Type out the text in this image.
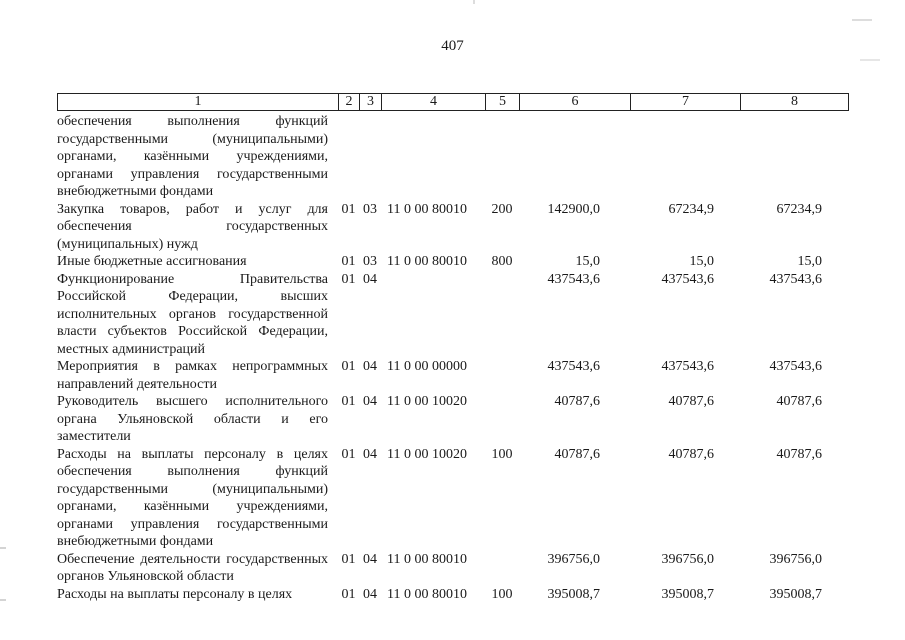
407
1	2	3	4	5	6	7	8
обеспечения выполнения функций государственными (муниципальными) органами, казёнными учреждениями, органами управления государственными внебюджетными фондами							
Закупка товаров, работ и услуг для обеспечения государственных (муниципальных) нужд	01	03	11 0 00 80010	200	142900,0	67234,9	67234,9
Иные бюджетные ассигнования	01	03	11 0 00 80010	800	15,0	15,0	15,0
Функционирование Правительства Российской Федерации, высших исполнительных органов государственной власти субъектов Российской Федерации, местных администраций	01	04			437543,6	437543,6	437543,6
Мероприятия в рамках непрограммных направлений деятельности	01	04	11 0 00 00000		437543,6	437543,6	437543,6
Руководитель высшего исполнительного органа Ульяновской области и его заместители	01	04	11 0 00 10020		40787,6	40787,6	40787,6
Расходы на выплаты персоналу в целях обеспечения выполнения функций государственными (муниципальными) органами, казёнными учреждениями, органами управления государственными внебюджетными фондами	01	04	11 0 00 10020	100	40787,6	40787,6	40787,6
Обеспечение деятельности государственных органов Ульяновской области	01	04	11 0 00 80010		396756,0	396756,0	396756,0
Расходы на выплаты персоналу в целях	01	04	11 0 00 80010	100	395008,7	395008,7	395008,7
